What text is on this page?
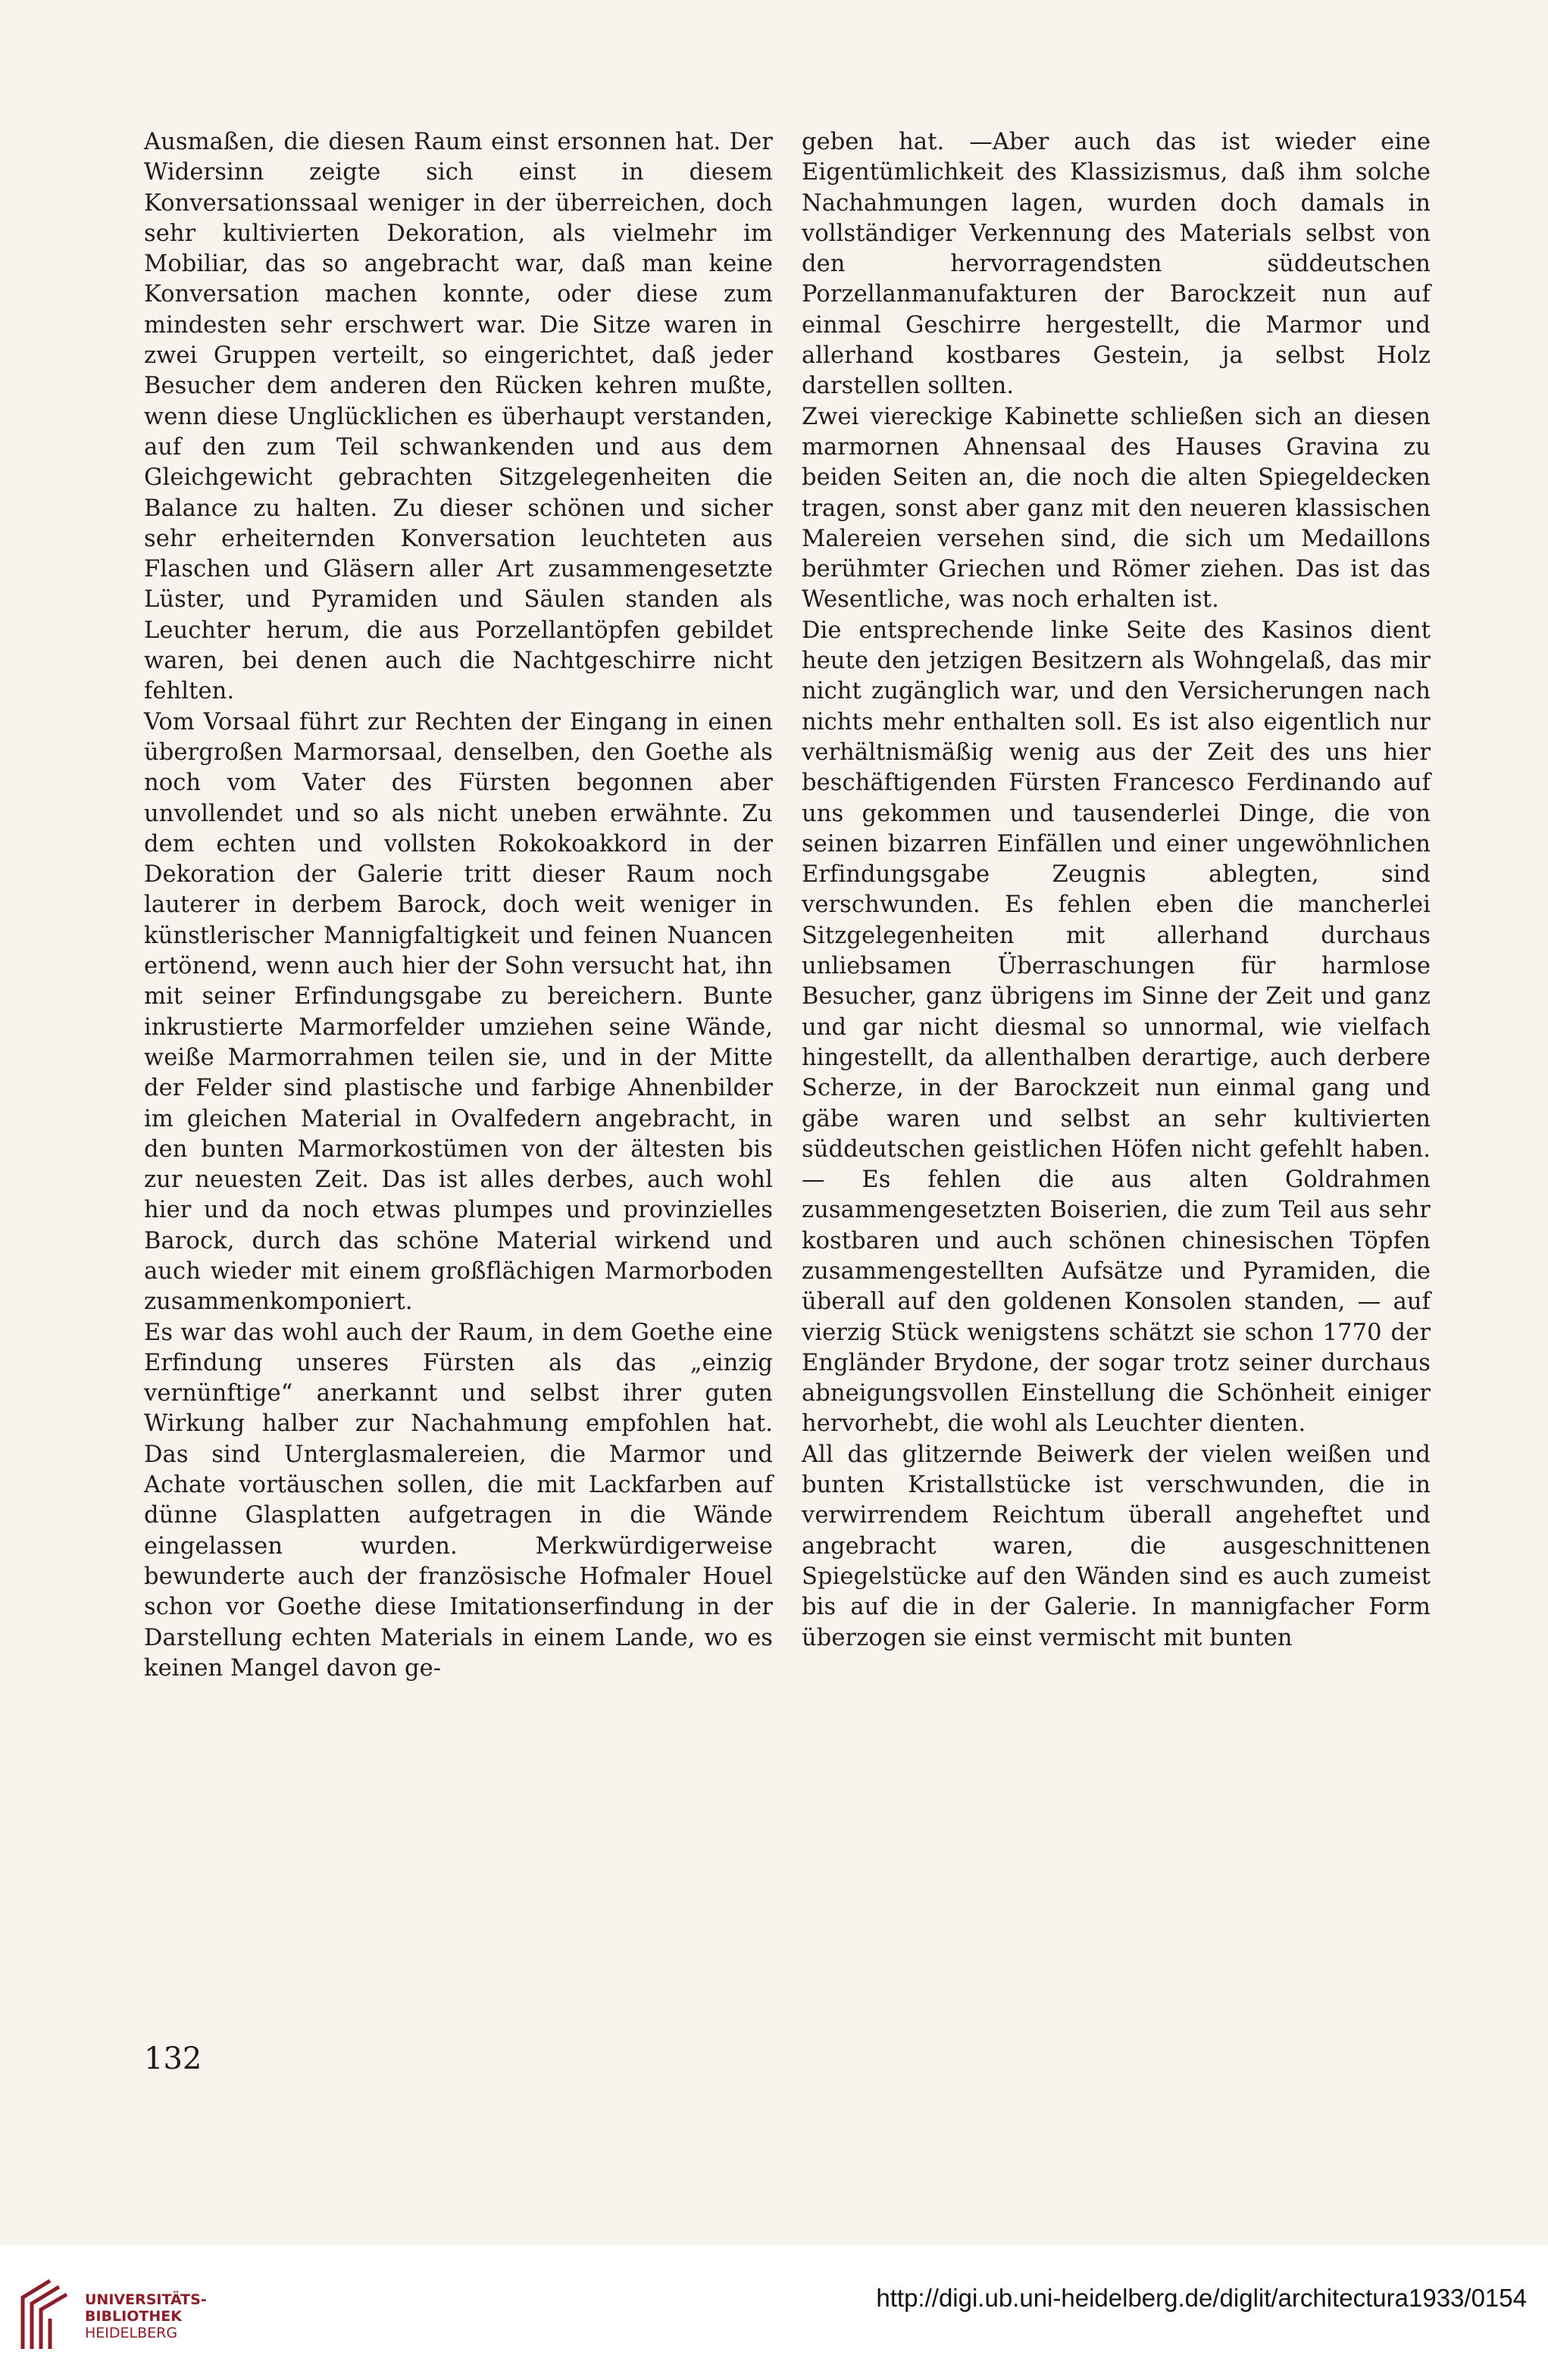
Ausmaßen, die diesen Raum einst ersonnen hat. Der Widersinn zeigte sich einst in diesem Konversationssaal weniger in der überreichen, doch sehr kultivierten Dekoration, als vielmehr im Mobiliar, das so angebracht war, daß man keine Konversation machen konnte, oder diese zum mindesten sehr erschwert war. Die Sitze waren in zwei Gruppen verteilt, so eingerichtet, daß jeder Besucher dem anderen den Rücken kehren mußte, wenn diese Unglücklichen es überhaupt verstanden, auf den zum Teil schwankenden und aus dem Gleichgewicht gebrachten Sitzgelegenheiten die Balance zu halten. Zu dieser schönen und sicher sehr erheiternden Konversation leuchteten aus Flaschen und Gläsern aller Art zusammengesetzte Lüster, und Pyramiden und Säulen standen als Leuchter herum, die aus Porzellantöpfen gebildet waren, bei denen auch die Nachtgeschirre nicht fehlten.

Vom Vorsaal führt zur Rechten der Eingang in einen übergroßen Marmorsaal, denselben, den Goethe als noch vom Vater des Fürsten begonnen aber unvollendet und so als nicht uneben erwähnte. Zu dem echten und vollsten Rokokoakkord in der Dekoration der Galerie tritt dieser Raum noch lauterer in derbem Barock, doch weit weniger in künstlerischer Mannigfaltigkeit und feinen Nuancen ertönend, wenn auch hier der Sohn versucht hat, ihn mit seiner Erfindungsgabe zu bereichern. Bunte inkrustierte Marmorfelder umziehen seine Wände, weiße Marmorrahmen teilen sie, und in der Mitte der Felder sind plastische und farbige Ahnenbilder im gleichen Material in Ovalfedern angebracht, in den bunten Marmorkostümen von der ältesten bis zur neuesten Zeit. Das ist alles derbes, auch wohl hier und da noch etwas plumpes und provinzielles Barock, durch das schöne Material wirkend und auch wieder mit einem großflächigen Marmorboden zusammenkomponiert.

Es war das wohl auch der Raum, in dem Goethe eine Erfindung unseres Fürsten als das „einzig vernünftige“ anerkannt und selbst ihrer guten Wirkung halber zur Nachahmung empfohlen hat. Das sind Unterglasmalereien, die Marmor und Achate vortäuschen sollen, die mit Lackfarben auf dünne Glasplatten aufgetragen in die Wände eingelassen wurden. Merkwürdigerweise bewunderte auch der französische Hofmaler Houel schon vor Goethe diese Imitationserfindung in der Darstellung echten Materials in einem Lande, wo es keinen Mangel davon ge-

geben hat. —Aber auch das ist wieder eine Eigentümlichkeit des Klassizismus, daß ihm solche Nachahmungen lagen, wurden doch damals in vollständiger Verkennung des Materials selbst von den hervorragendsten süddeutschen Porzellanmanufakturen der Barockzeit nun auf einmal Geschirre hergestellt, die Marmor und allerhand kostbares Gestein, ja selbst Holz darstellen sollten.

Zwei viereckige Kabinette schließen sich an diesen marmornen Ahnensaal des Hauses Gravina zu beiden Seiten an, die noch die alten Spiegeldecken tragen, sonst aber ganz mit den neueren klassischen Malereien versehen sind, die sich um Medaillons berühmter Griechen und Römer ziehen. Das ist das Wesentliche, was noch erhalten ist.

Die entsprechende linke Seite des Kasinos dient heute den jetzigen Besitzern als Wohngelaß, das mir nicht zugänglich war, und den Versicherungen nach nichts mehr enthalten soll. Es ist also eigentlich nur verhältnismäßig wenig aus der Zeit des uns hier beschäftigenden Fürsten Francesco Ferdinando auf uns gekommen und tausenderlei Dinge, die von seinen bizarren Einfällen und einer ungewöhnlichen Erfindungsgabe Zeugnis ablegten, sind verschwunden. Es fehlen eben die mancherlei Sitzgelegenheiten mit allerhand durchaus unliebsamen Überraschungen für harmlose Besucher, ganz übrigens im Sinne der Zeit und ganz und gar nicht diesmal so unnormal, wie vielfach hingestellt, da allenthalben derartige, auch derbere Scherze, in der Barockzeit nun einmal gang und gäbe waren und selbst an sehr kultivierten süddeutschen geistlichen Höfen nicht gefehlt haben. — Es fehlen die aus alten Goldrahmen zusammengesetzten Boiserien, die zum Teil aus sehr kostbaren und auch schönen chinesischen Töpfen zusammengestellten Aufsätze und Pyramiden, die überall auf den goldenen Konsolen standen, — auf vierzig Stück wenigstens schätzt sie schon 1770 der Engländer Brydone, der sogar trotz seiner durchaus abneigungsvollen Einstellung die Schönheit einiger hervorhebt, die wohl als Leuchter dienten.

All das glitzernde Beiwerk der vielen weißen und bunten Kristallstücke ist verschwunden, die in verwirrendem Reichtum überall angeheftet und angebracht waren, die ausgeschnittenen Spiegelstücke auf den Wänden sind es auch zumeist bis auf die in der Galerie. In mannigfacher Form überzogen sie einst vermischt mit bunten

132
UNIVERSITÄTS-
BIBLIOTHEK
HEIDELBERG
http://digi.ub.uni-heidelberg.de/diglit/architectura1933/0154
